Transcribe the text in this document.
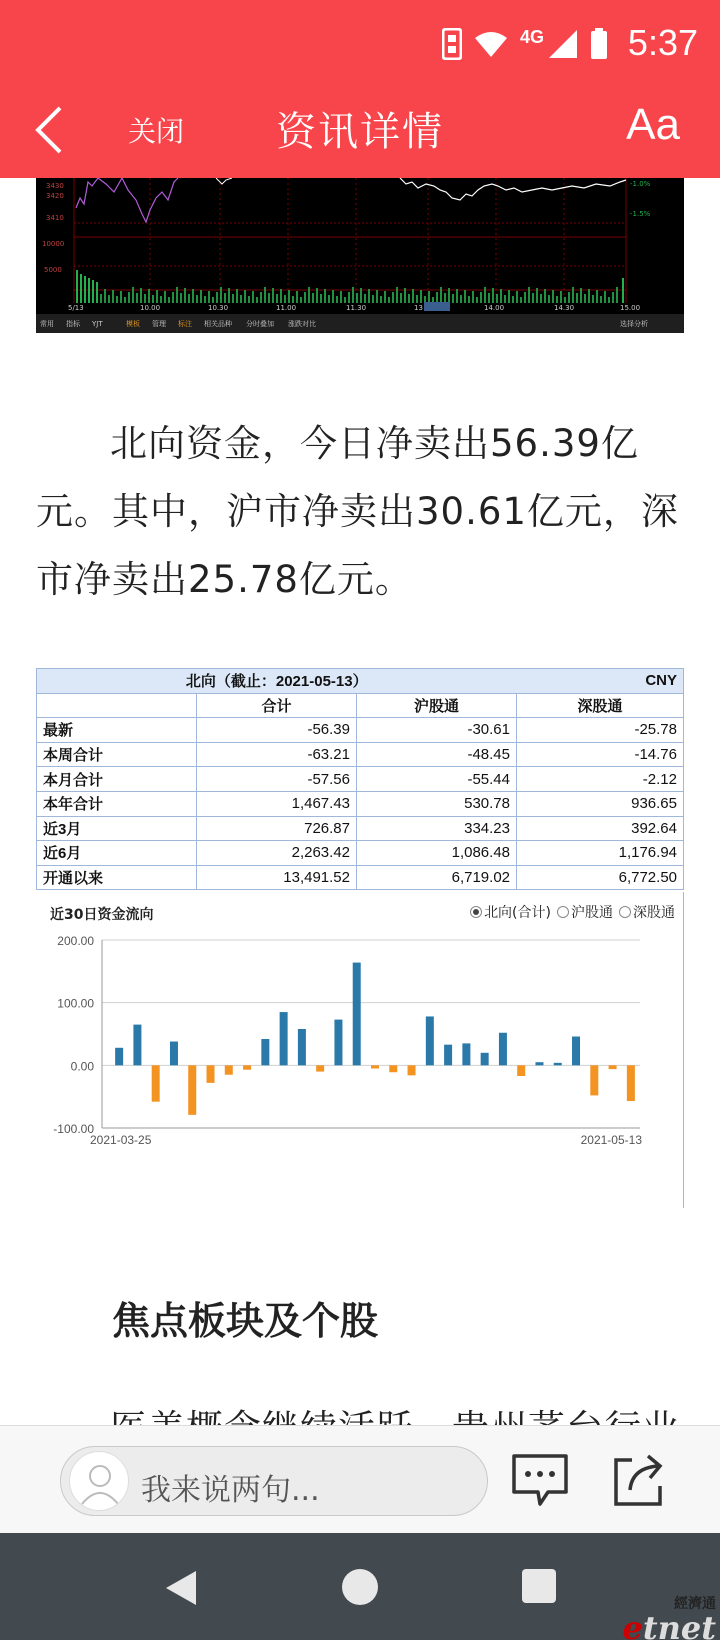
4G 5:37
关闭	资讯详情	Aa
3430
3420
3410
-1.0%
-1.5%
10000
5000
5/13	10.00	10.30	11.00	11.30	13	14.00	14.30	15.00
常用 指标 YJT	模板 管理 标注 相关品种 分时叠加 涨跌对比	选择分析
北向资金，今日净卖出56.39亿元。其中，沪市净卖出30.61亿元，深市净卖出25.78亿元。
北向（截止：2021-05-13）			CNY
	合计	沪股通	深股通
最新	-56.39	-30.61	-25.78
本周合计	-63.21	-48.45	-14.76
本月合计	-57.56	-55.44	-2.12
本年合计	1,467.43	530.78	936.65
近3月	726.87	334.23	392.64
近6月	2,263.42	1,086.48	1,176.94
开通以来	13,491.52	6,719.02	6,772.50
近30日资金流向	北向(合计)	沪股通	深股通
200.00
100.00
0.00
-100.00
2021-03-25	2021-05-13
焦点板块及个股
我来说两句...
經濟通
etnet
